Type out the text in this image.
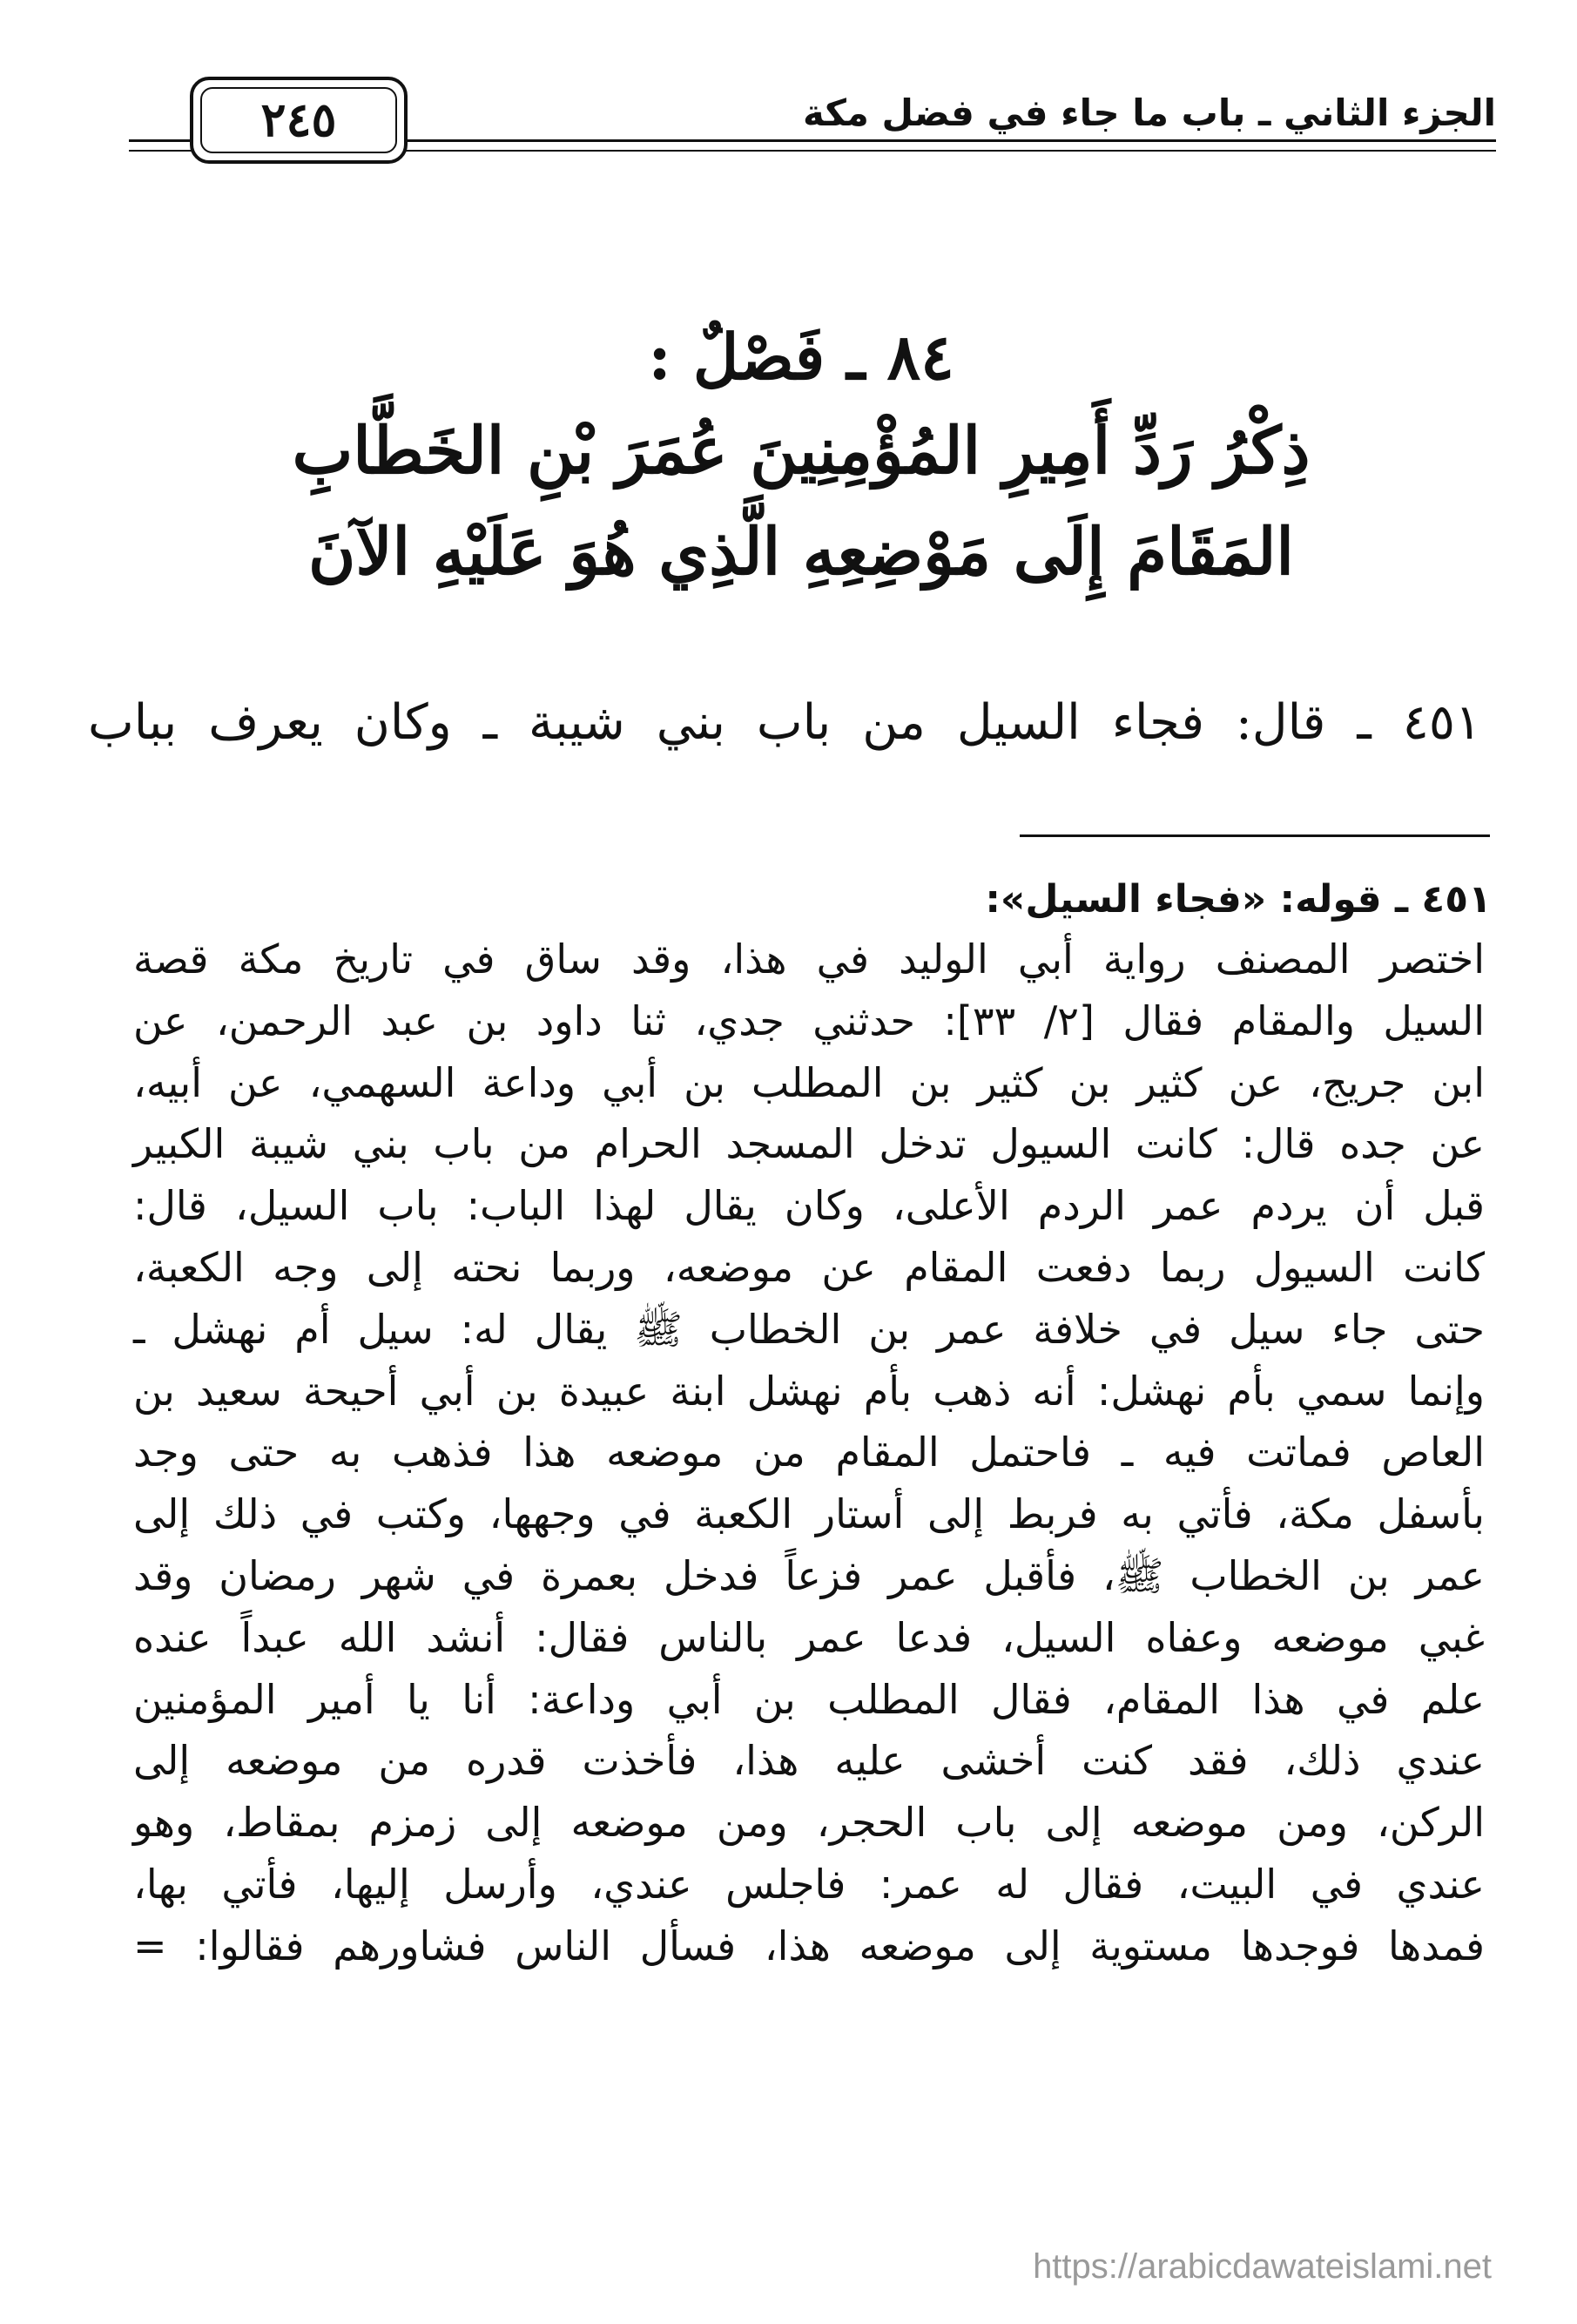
الجزء الثاني ـ باب ما جاء في فضل مكة
٢٤٥
٨٤ ـ فَصْلٌ :
ذِكْرُ رَدِّ أَمِيرِ المُؤْمِنِينَ عُمَرَ بْنِ الخَطَّابِ
المَقَامَ إِلَى مَوْضِعِهِ الَّذِي هُوَ عَلَيْهِ الآنَ
٤٥١ ـ قال: فجاء السيل من باب بني شيبة ـ وكان يعرف بباب
٤٥١ ـ قوله: «فجاء السيل»:
اختصر المصنف رواية أبي الوليد في هذا، وقد ساق في تاريخ مكة قصة
السيل والمقام فقال [٢/ ٣٣]: حدثني جدي، ثنا داود بن عبد الرحمن، عن
ابن جريج، عن كثير بن كثير بن المطلب بن أبي وداعة السهمي، عن أبيه،
عن جده قال: كانت السيول تدخل المسجد الحرام من باب بني شيبة الكبير
قبل أن يردم عمر الردم الأعلى، وكان يقال لهذا الباب: باب السيل، قال:
كانت السيول ربما دفعت المقام عن موضعه، وربما نحته إلى وجه الكعبة،
حتى جاء سيل في خلافة عمر بن الخطاب ﷺ يقال له: سيل أم نهشل ـ
وإنما سمي بأم نهشل: أنه ذهب بأم نهشل ابنة عبيدة بن أبي أحيحة سعيد بن
العاص فماتت فيه ـ فاحتمل المقام من موضعه هذا فذهب به حتى وجد
بأسفل مكة، فأتي به فربط إلى أستار الكعبة في وجهها، وكتب في ذلك إلى
عمر بن الخطاب ﷺ، فأقبل عمر فزعاً فدخل بعمرة في شهر رمضان وقد
غبي موضعه وعفاه السيل، فدعا عمر بالناس فقال: أنشد الله عبداً عنده
علم في هذا المقام، فقال المطلب بن أبي وداعة: أنا يا أمير المؤمنين
عندي ذلك، فقد كنت أخشى عليه هذا، فأخذت قدره من موضعه إلى
الركن، ومن موضعه إلى باب الحجر، ومن موضعه إلى زمزم بمقاط، وهو
عندي في البيت، فقال له عمر: فاجلس عندي، وأرسل إليها، فأتي بها،
فمدها فوجدها مستوية إلى موضعه هذا، فسأل الناس فشاورهم فقالوا: =
https://arabicdawateislami.net
